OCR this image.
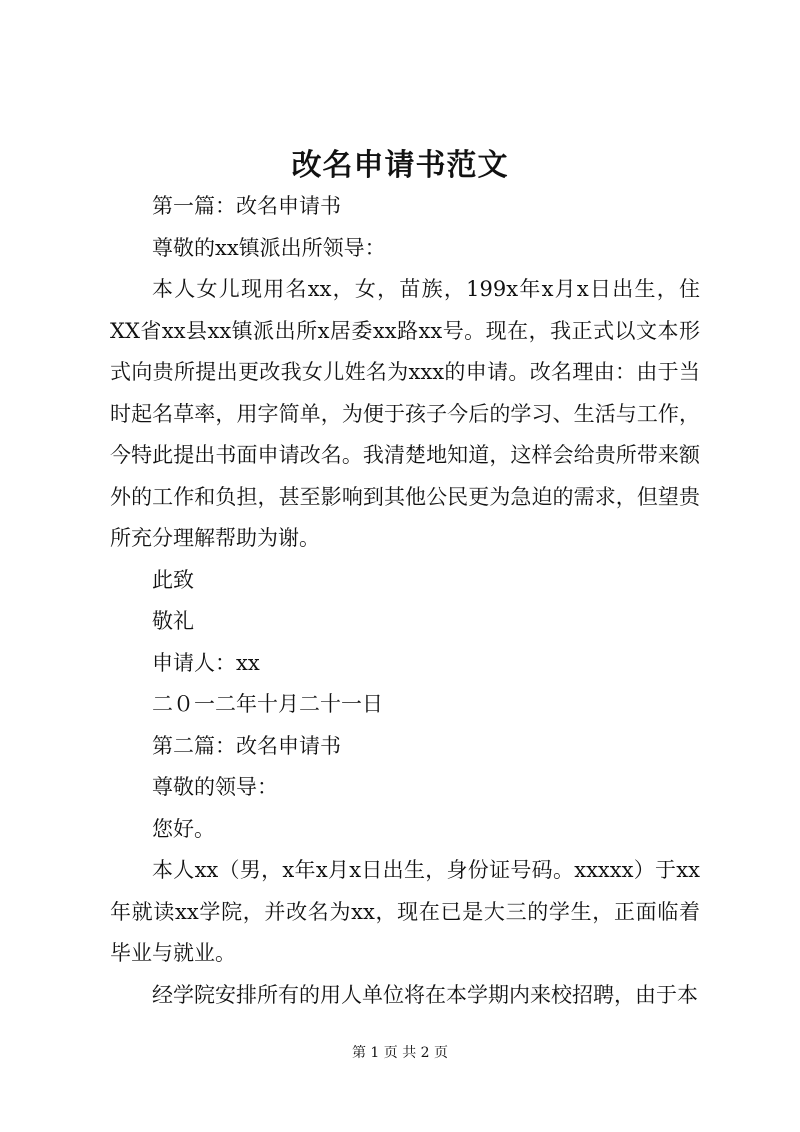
改名申请书范文

第一篇：改名申请书

尊敬的xx镇派出所领导：

本人女儿现用名xx，女，苗族，199x年x月x日出生，住XX省xx县xx镇派出所x居委xx路xx号。现在，我正式以文本形式向贵所提出更改我女儿姓名为xxx的申请。改名理由：由于当时起名草率，用字简单，为便于孩子今后的学习、生活与工作，今特此提出书面申请改名。我清楚地知道，这样会给贵所带来额外的工作和负担，甚至影响到其他公民更为急迫的需求，但望贵所充分理解帮助为谢。

此致

敬礼

申请人：xx

二０一二年十月二十一日

第二篇：改名申请书

尊敬的领导：

您好。

本人xx（男，x年x月x日出生，身份证号码。xxxxx）于xx年就读xx学院，并改名为xx，现在已是大三的学生，正面临着毕业与就业。

经学院安排所有的用人单位将在本学期内来校招聘，由于本

第 1 页 共 2 页
